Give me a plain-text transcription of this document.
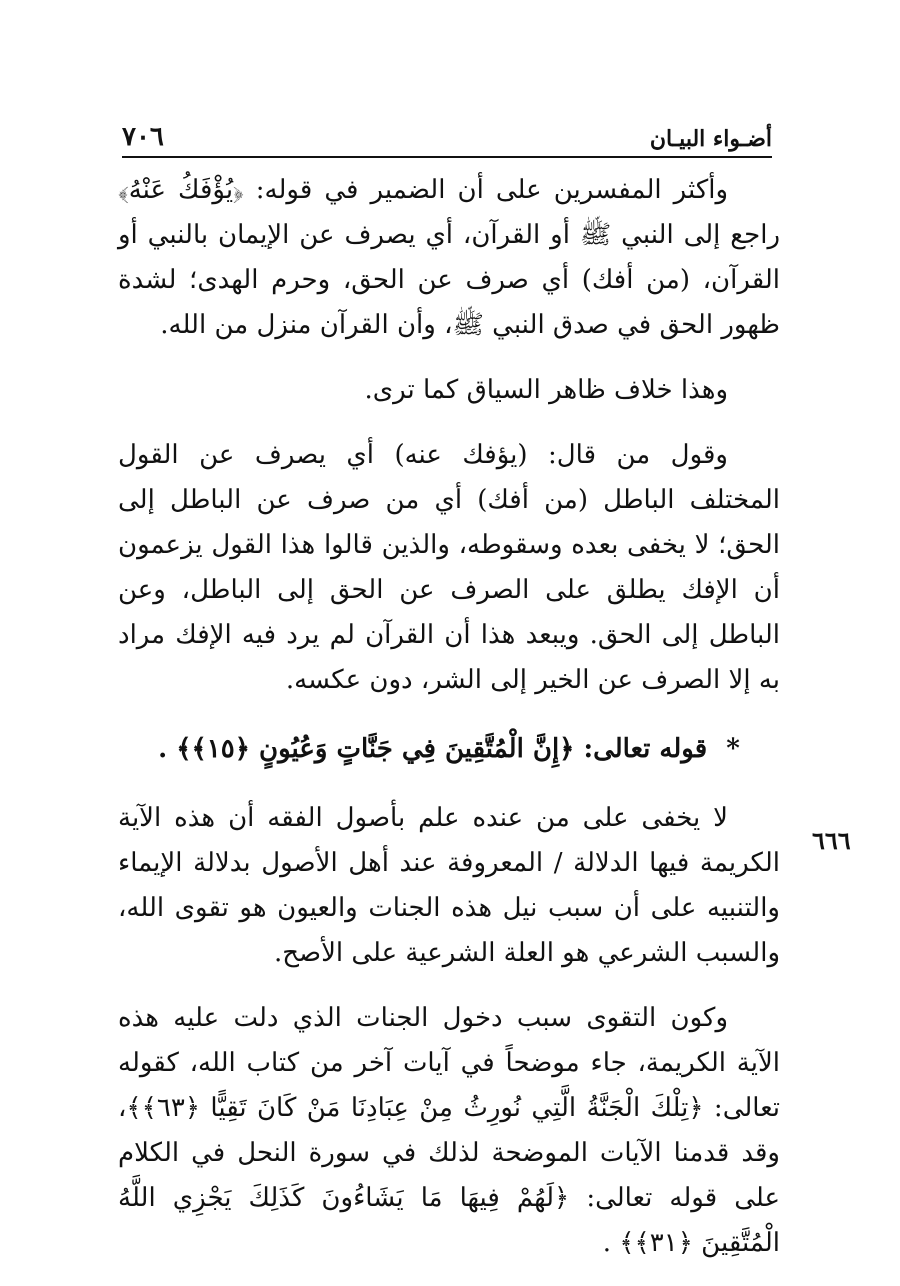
أضـواء البيـان
٧٠٦
٦٦٦

وأكثر المفسرين على أن الضمير في قوله: ﴿يُؤْفَكُ عَنْهُ﴾ راجع إلى النبي ﷺ أو القرآن، أي يصرف عن الإيمان بالنبي أو القرآن، (من أفك) أي صرف عن الحق، وحرم الهدى؛ لشدة ظهور الحق في صدق النبي ﷺ، وأن القرآن منزل من الله.

وهذا خلاف ظاهر السياق كما ترى.

وقول من قال: (يؤفك عنه) أي يصرف عن القول المختلف الباطل (من أفك) أي من صرف عن الباطل إلى الحق؛ لا يخفى بعده وسقوطه، والذين قالوا هذا القول يزعمون أن الإفك يطلق على الصرف عن الحق إلى الباطل، وعن الباطل إلى الحق. ويبعد هذا أن القرآن لم يرد فيه الإفك مراد به إلا الصرف عن الخير إلى الشر، دون عكسه.

* قوله تعالى: ﴿إِنَّ الْمُتَّقِينَ فِي جَنَّاتٍ وَعُيُونٍ ﴿١٥﴾﴾ .

لا يخفى على من عنده علم بأصول الفقه أن هذه الآية الكريمة فيها الدلالة / المعروفة عند أهل الأصول بدلالة الإيماء والتنبيه على أن سبب نيل هذه الجنات والعيون هو تقوى الله، والسبب الشرعي هو العلة الشرعية على الأصح.

وكون التقوى سبب دخول الجنات الذي دلت عليه هذه الآية الكريمة، جاء موضحاً في آيات آخر من كتاب الله، كقوله تعالى: ﴿تِلْكَ الْجَنَّةُ الَّتِي نُورِثُ مِنْ عِبَادِنَا مَنْ كَانَ تَقِيًّا ﴿٦٣﴾﴾، وقد قدمنا الآيات الموضحة لذلك في سورة النحل في الكلام على قوله تعالى: ﴿لَهُمْ فِيهَا مَا يَشَاءُونَ كَذَلِكَ يَجْزِي اللَّهُ الْمُتَّقِينَ ﴿٣١﴾﴾ .
